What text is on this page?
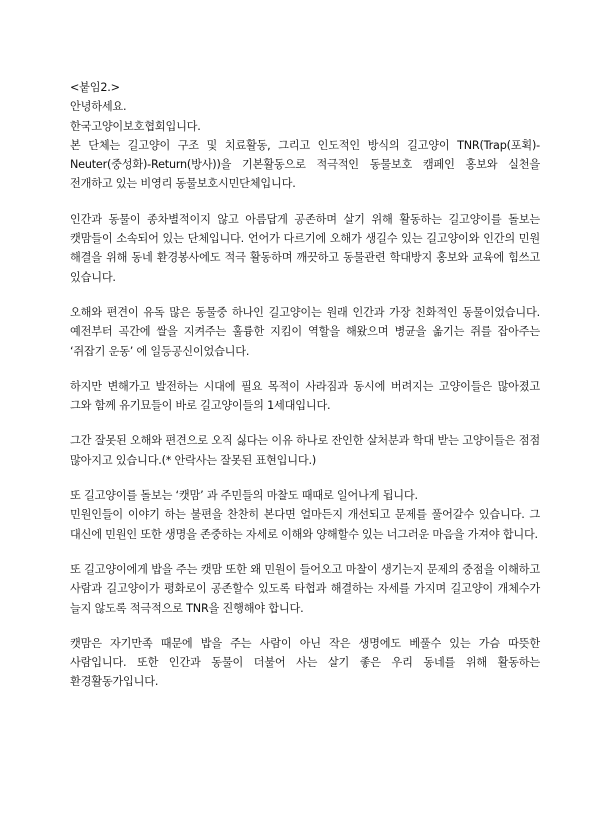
<붙임2.>

안녕하세요.

한국고양이보호협회입니다.

본 단체는 길고양이 구조 및 치료활동, 그리고 인도적인 방식의 길고양이 TNR(Trap(포획)-Neuter(중성화)-Return(방사))을 기본활동으로 적극적인 동물보호 캠페인 홍보와 실천을 전개하고 있는 비영리 동물보호시민단체입니다.

인간과 동물이 종차별적이지 않고 아름답게 공존하며 살기 위해 활동하는 길고양이를 돌보는 캣맘들이 소속되어 있는 단체입니다. 언어가 다르기에 오해가 생길수 있는 길고양이와 인간의 민원 해결을 위해 동네 환경봉사에도 적극 활동하며 깨끗하고 동물관련 학대방지 홍보와 교육에 힘쓰고 있습니다.

오해와 편견이 유독 많은 동물중 하나인 길고양이는 원래 인간과 가장 친화적인 동물이었습니다. 예전부터 곡간에 쌀을 지켜주는 훌륭한 지킴이 역할을 해왔으며 병균을 옮기는 쥐를 잡아주는 ‘쥐잡기 운동’ 에 일등공신이었습니다.

하지만 변해가고 발전하는 시대에 필요 목적이 사라짐과 동시에 버려지는 고양이들은 많아졌고 그와 함께 유기묘들이 바로 길고양이들의 1세대입니다.

그간 잘못된 오해와 편견으로 오직 싫다는 이유 하나로 잔인한 살처분과 학대 받는 고양이들은 점점 많아지고 있습니다.(* 안락사는 잘못된 표현입니다.)

또 길고양이를 돌보는 ‘캣맘’ 과 주민들의 마찰도 때때로 일어나게 됩니다.
민원인들이 이야기 하는 불편을 찬찬히 본다면 얼마든지 개선되고 문제를 풀어갈수 있습니다. 그 대신에 민원인 또한 생명을 존중하는 자세로 이해와 양해할수 있는 너그러운 마음을 가져야 합니다.

또 길고양이에게 밥을 주는 캣맘 또한 왜 민원이 들어오고 마찰이 생기는지 문제의 중점을 이해하고 사람과 길고양이가 평화로이 공존할수 있도록 타협과 해결하는 자세를 가지며 길고양이 개체수가 늘지 않도록 적극적으로 TNR을 진행해야 합니다.

캣맘은 자기만족 때문에 밥을 주는 사람이 아닌 작은 생명에도 베풀수 있는 가슴 따뜻한 사람입니다. 또한 인간과 동물이 더불어 사는 살기 좋은 우리 동네를 위해 활동하는 환경활동가입니다.
